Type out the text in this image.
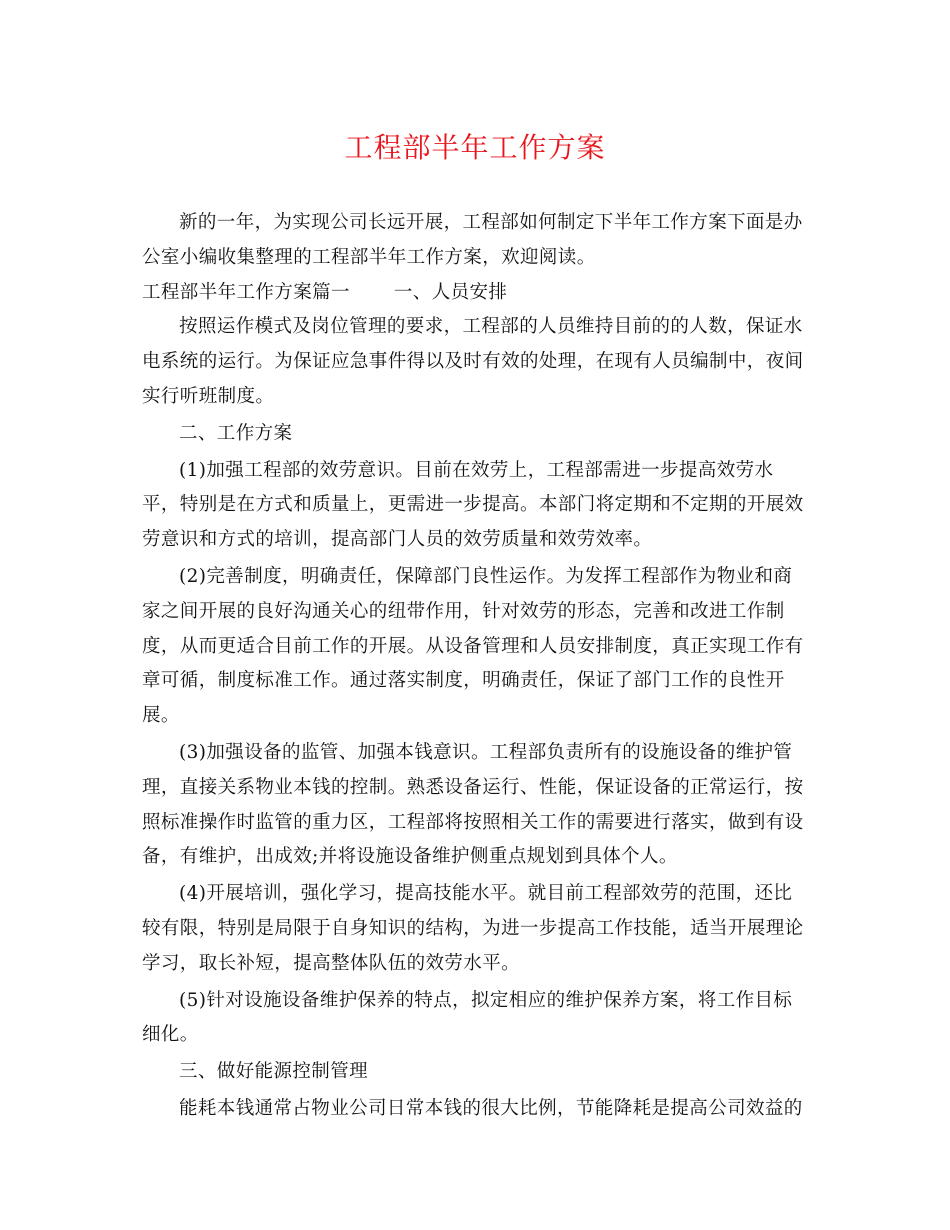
工程部半年工作方案

新的一年，为实现公司长远开展，工程部如何制定下半年工作方案下面是办公室小编收集整理的工程部半年工作方案，欢迎阅读。

工程部半年工作方案篇一 一、人员安排

按照运作模式及岗位管理的要求，工程部的人员维持目前的的人数，保证水电系统的运行。为保证应急事件得以及时有效的处理，在现有人员编制中，夜间实行听班制度。

二、工作方案

(1)加强工程部的效劳意识。目前在效劳上，工程部需进一步提高效劳水平，特别是在方式和质量上，更需进一步提高。本部门将定期和不定期的开展效劳意识和方式的培训，提高部门人员的效劳质量和效劳效率。

(2)完善制度，明确责任，保障部门良性运作。为发挥工程部作为物业和商家之间开展的良好沟通关心的纽带作用，针对效劳的形态，完善和改进工作制度，从而更适合目前工作的开展。从设备管理和人员安排制度，真正实现工作有章可循，制度标准工作。通过落实制度，明确责任，保证了部门工作的良性开展。

(3)加强设备的监管、加强本钱意识。工程部负责所有的设施设备的维护管理，直接关系物业本钱的控制。熟悉设备运行、性能，保证设备的正常运行，按照标准操作时监管的重力区，工程部将按照相关工作的需要进行落实，做到有设备，有维护，出成效;并将设施设备维护侧重点规划到具体个人。

(4)开展培训，强化学习，提高技能水平。就目前工程部效劳的范围，还比较有限，特别是局限于自身知识的结构，为进一步提高工作技能，适当开展理论学习，取长补短，提高整体队伍的效劳水平。

(5)针对设施设备维护保养的特点，拟定相应的维护保养方案，将工作目标细化。

三、做好能源控制管理

能耗本钱通常占物业公司日常本钱的很大比例，节能降耗是提高公司效益的
